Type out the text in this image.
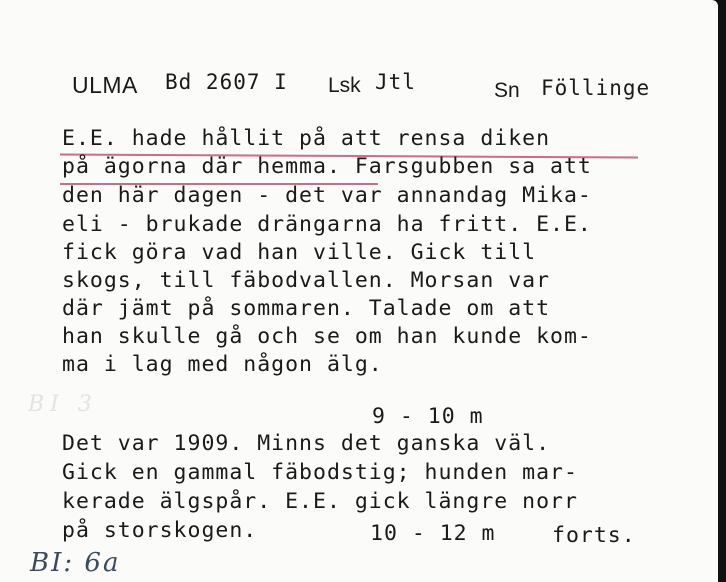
ULMA Bd 2607 I Lsk Jtl	Sn Föllinge
E.E. hade hållit på att rensa diken
på ägorna där hemma. Farsgubben sa att
den här dagen - det var annandag Mika-
eli - brukade drängarna ha fritt. E.E.
fick göra vad han ville. Gick till
skogs, till fäbodvallen. Morsan var
där jämt på sommaren. Talade om att
han skulle gå och se om han kunde kom-
ma i lag med någon älg.
9 - 10 m
Det var 1909. Minns det ganska väl.
Gick en gammal fäbodstig; hunden mar-
kerade älgspår. E.E. gick längre norr
på storskogen.	10 - 12 m	forts.
BI 3
BI: 6a
